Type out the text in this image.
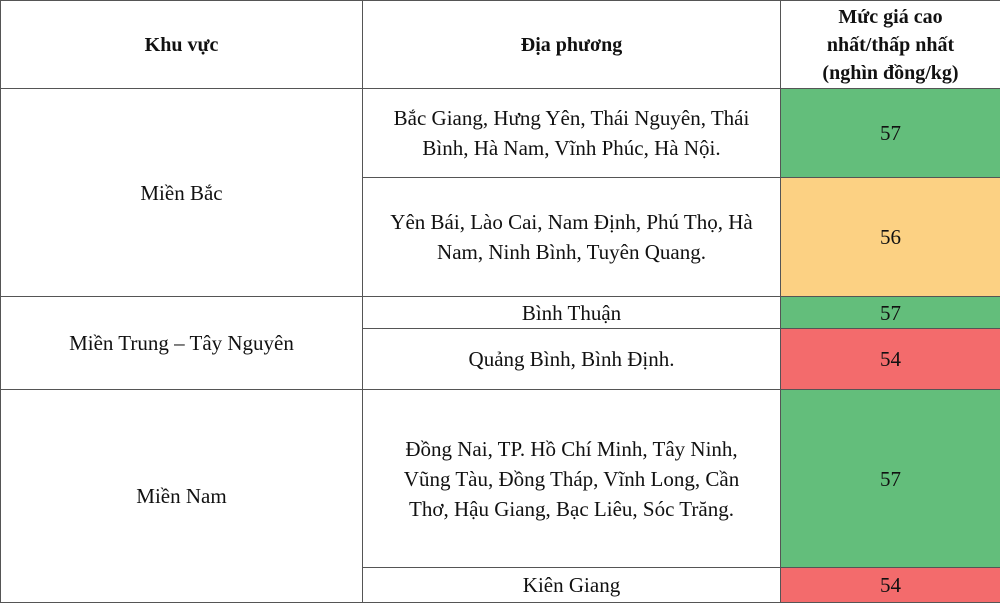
Khu vực	Địa phương	Mức giá cao
nhất/thấp nhất
(nghìn đồng/kg)

Miền Bắc	Bắc Giang, Hưng Yên, Thái Nguyên, Thái
Bình, Hà Nam, Vĩnh Phúc, Hà Nội.	57

	Yên Bái, Lào Cai, Nam Định, Phú Thọ, Hà
Nam, Ninh Bình, Tuyên Quang.	56
Miền Trung – Tây Nguyên	Bình Thuận	57
	Quảng Bình, Bình Định.	54
Miền Nam	Đồng Nai, TP. Hồ Chí Minh, Tây Ninh,
Vũng Tàu, Đồng Tháp, Vĩnh Long, Cần
Thơ, Hậu Giang, Bạc Liêu, Sóc Trăng.	57
	Kiên Giang	54
